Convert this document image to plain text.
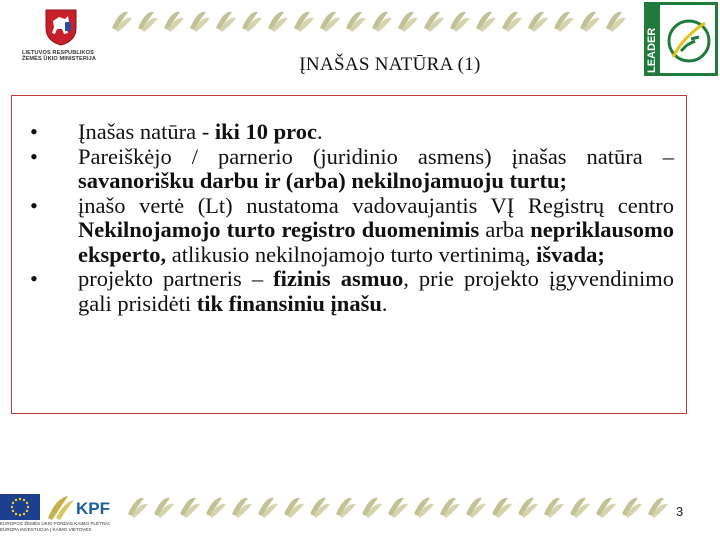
LIETUVOS RESPUBLIKOS
ŽEMĖS ŪKIO MINISTERIJA	ĮNAŠAS NATŪRA (1)	LEADER
• Įnašas natūra - iki 10 proc.
• Pareiškėjo / parnerio (juridinio asmens) įnašas natūra – savanorišku darbu ir (arba) nekilnojamuoju turtu;
• įnašo vertė (Lt) nustatoma vadovaujantis VĮ Registrų centro Nekilnojamojo turto registro duomenimis arba nepriklausomo eksperto, atlikusio nekilnojamojo turto vertinimą, išvada;
• projekto partneris – fizinis asmuo, prie projekto įgyvendinimo gali prisidėti tik finansiniu įnašu.
KPF
EUROPOS ŽEMĖS ŪKIO FONDAS KAIMO PLĖTRAI:
EUROPA INVESTUOJA Į KAIMO VIETOVES
3
